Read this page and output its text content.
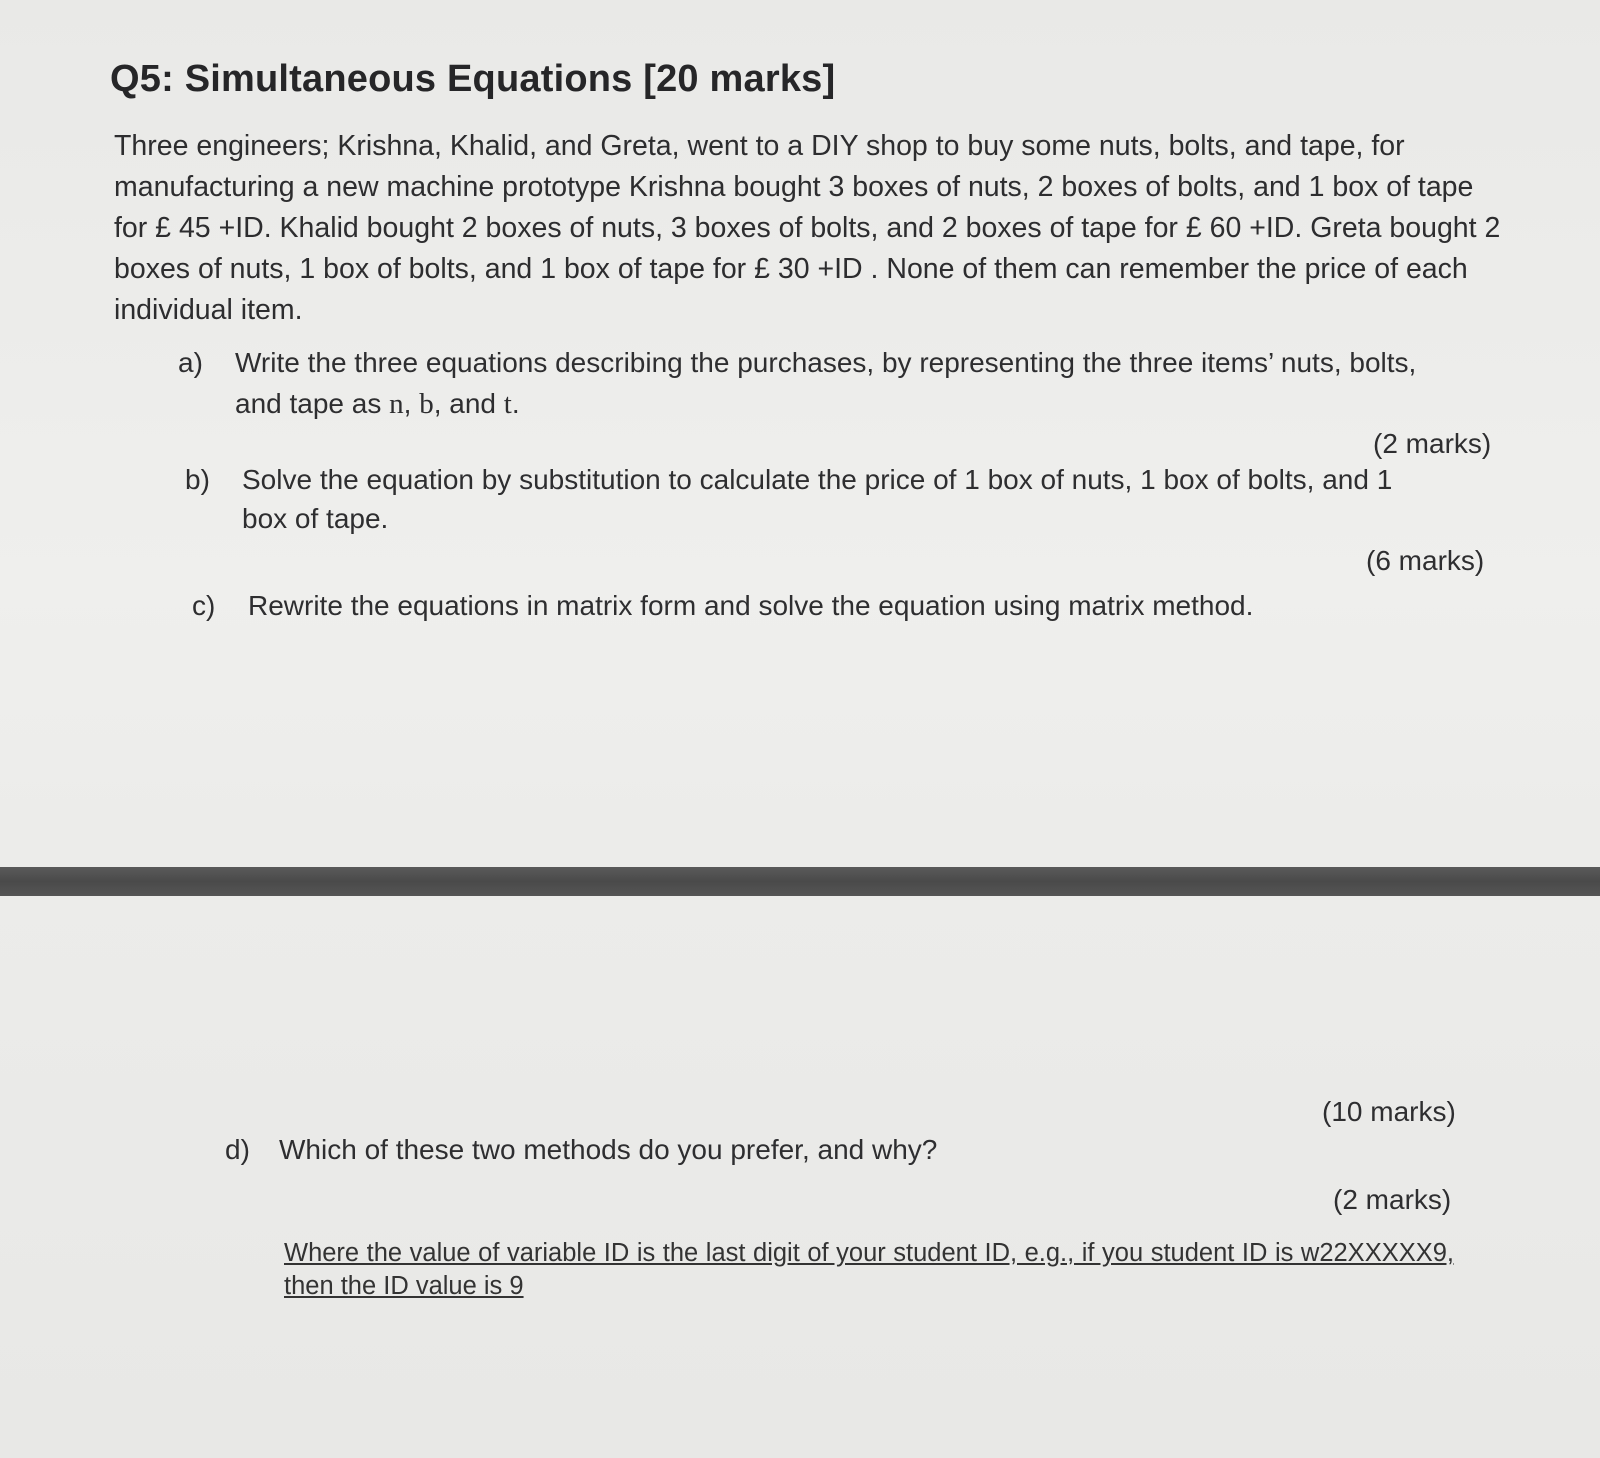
Q5: Simultaneous Equations [20 marks]
Three engineers; Krishna, Khalid, and Greta, went to a DIY shop to buy some nuts, bolts, and tape, for manufacturing a new machine prototype Krishna bought 3 boxes of nuts, 2 boxes of bolts, and 1 box of tape for £ 45 +ID. Khalid bought 2 boxes of nuts, 3 boxes of bolts, and 2 boxes of tape for £ 60 +ID. Greta bought 2 boxes of nuts, 1 box of bolts, and 1 box of tape for £ 30 +ID . None of them can remember the price of each individual item.
a) Write the three equations describing the purchases, by representing the three items’ nuts, bolts,
and tape as n, b, and t.
(2 marks)
b) Solve the equation by substitution to calculate the price of 1 box of nuts, 1 box of bolts, and 1
box of tape.
(6 marks)
c) Rewrite the equations in matrix form and solve the equation using matrix method.
(10 marks)
d) Which of these two methods do you prefer, and why?
(2 marks)
Where the value of variable ID is the last digit of your student ID, e.g., if you student ID is w22XXXXX9, then the ID value is 9
